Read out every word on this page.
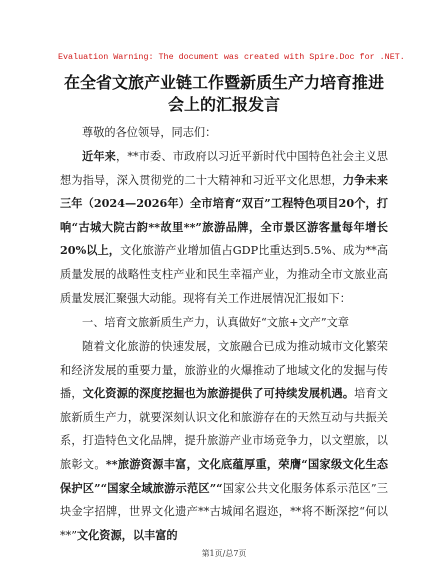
Evaluation Warning: The document was created with Spire.Doc for .NET.
在全省文旅产业链工作暨新质生产力培育推进
会上的汇报发言
尊敬的各位领导，同志们：
近年来，**市委、市政府以习近平新时代中国特色社会主义思想为指导，深入贯彻党的二十大精神和习近平文化思想，力争未来三年（2024—2026年）全市培育“双百”工程特色项目20个，打响“古城大院古韵**故里**”旅游品牌，全市景区游客量每年增长20%以上，文化旅游产业增加值占GDP比重达到5.5%、成为**高质量发展的战略性支柱产业和民生幸福产业，为推动全市文旅业高质量发展汇聚强大动能。现将有关工作进展情况汇报如下：
一、培育文旅新质生产力，认真做好“文旅+文产”文章
随着文化旅游的快速发展，文旅融合已成为推动城市文化繁荣和经济发展的重要力量，旅游业的火爆推动了地域文化的发掘与传播，文化资源的深度挖掘也为旅游提供了可持续发展机遇。培育文旅新质生产力，就要深刻认识文化和旅游存在的天然互动与共振关系，打造特色文化品牌，提升旅游产业市场竞争力，以文塑旅，以旅彰文。**旅游资源丰富，文化底蕴厚重，荣膺“国家级文化生态保护区”“国家全域旅游示范区”“国家公共文化服务体系示范区”三块金字招牌，世界文化遗产**古城闻名遐迩，**将不断深挖“何以**”文化资源，以丰富的
第1页/总7页
